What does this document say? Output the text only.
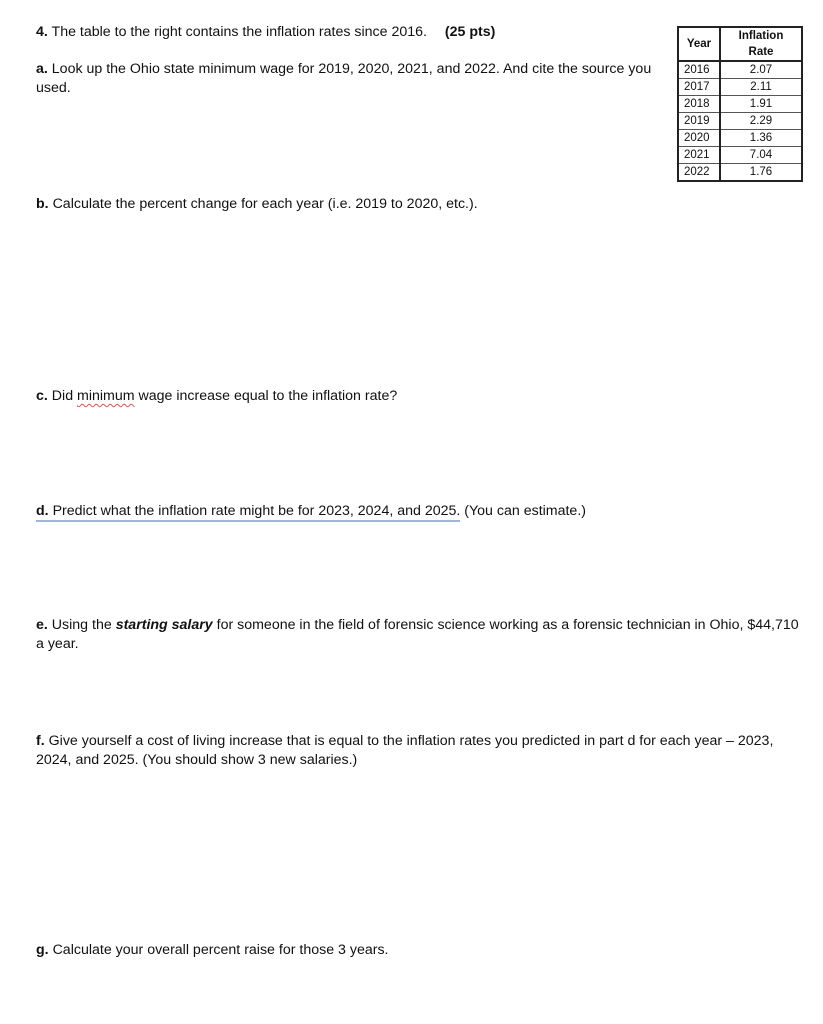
4. The table to the right contains the inflation rates since 2016. (25 pts)
Year	Inflation Rate
2016	2.07
2017	2.11
2018	1.91
2019	2.29
2020	1.36
2021	7.04
2022	1.76
a. Look up the Ohio state minimum wage for 2019, 2020, 2021, and 2022. And cite the source you
used.
b. Calculate the percent change for each year (i.e. 2019 to 2020, etc.).
c. Did minimum wage increase equal to the inflation rate?
d. Predict what the inflation rate might be for 2023, 2024, and 2025. (You can estimate.)
e. Using the starting salary for someone in the field of forensic science working as a forensic technician in Ohio, $44,710
a year.
f. Give yourself a cost of living increase that is equal to the inflation rates you predicted in part d for each year – 2023,
2024, and 2025. (You should show 3 new salaries.)
g. Calculate your overall percent raise for those 3 years.
